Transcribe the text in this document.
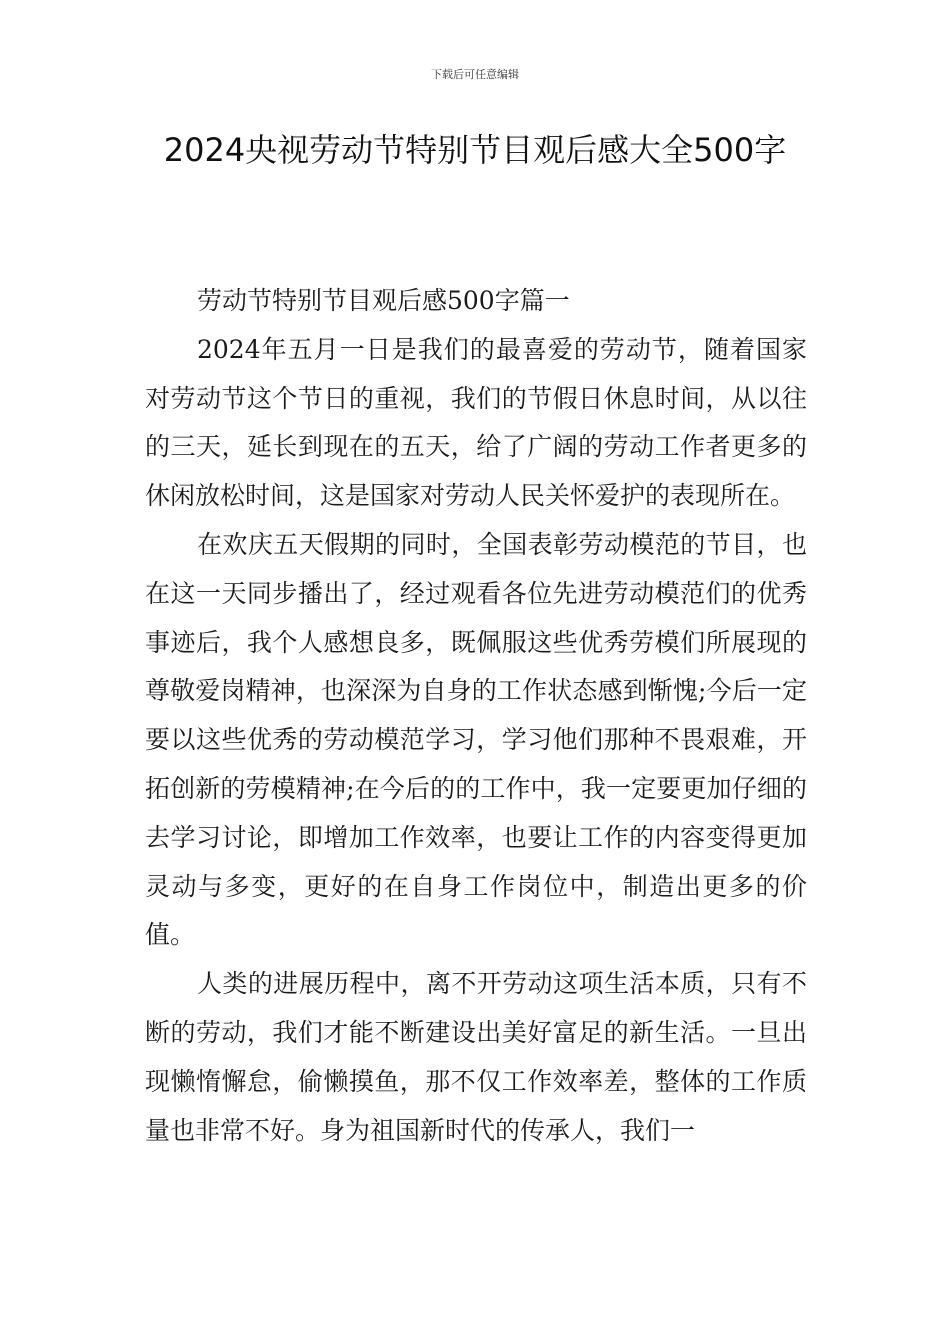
下载后可任意编辑
2024央视劳动节特别节目观后感大全500字

劳动节特别节目观后感500字篇一

2024年五月一日是我们的最喜爱的劳动节，随着国家对劳动节这个节日的重视，我们的节假日休息时间，从以往的三天，延长到现在的五天，给了广阔的劳动工作者更多的休闲放松时间，这是国家对劳动人民关怀爱护的表现所在。

在欢庆五天假期的同时，全国表彰劳动模范的节目，也在这一天同步播出了，经过观看各位先进劳动模范们的优秀事迹后，我个人感想良多，既佩服这些优秀劳模们所展现的尊敬爱岗精神，也深深为自身的工作状态感到惭愧;今后一定要以这些优秀的劳动模范学习，学习他们那种不畏艰难，开拓创新的劳模精神;在今后的的工作中，我一定要更加仔细的去学习讨论，即增加工作效率，也要让工作的内容变得更加灵动与多变，更好的在自身工作岗位中，制造出更多的价值。

人类的进展历程中，离不开劳动这项生活本质，只有不断的劳动，我们才能不断建设出美好富足的新生活。一旦出现懒惰懈怠，偷懒摸鱼，那不仅工作效率差，整体的工作质量也非常不好。身为祖国新时代的传承人，我们一
